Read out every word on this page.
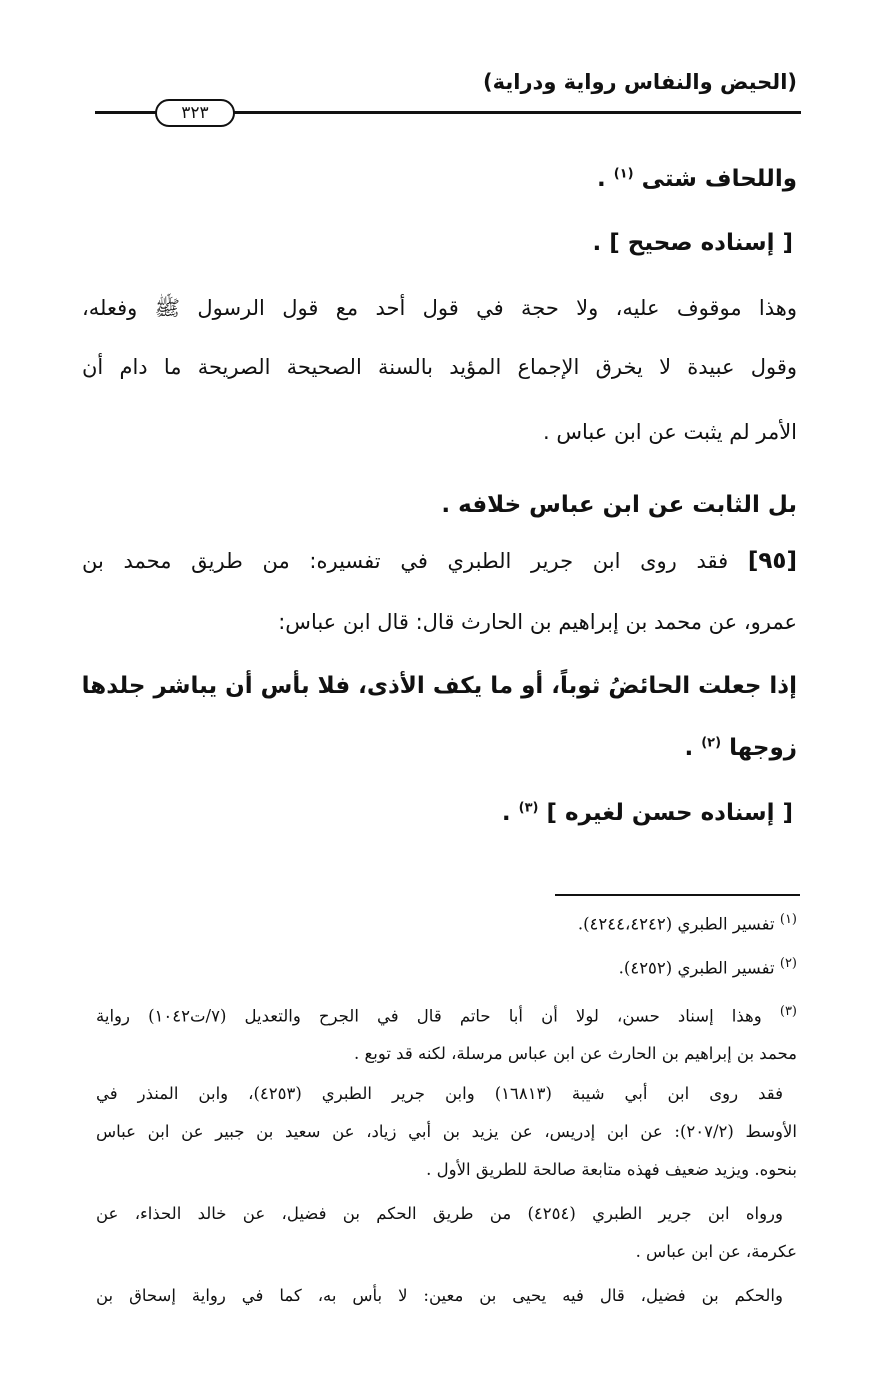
(الحيض والنفاس رواية ودراية)
٣٢٣
واللحاف شتى $^{(١)}$ .
[ إسناده صحيح ] .
وهذا موقوف عليه، ولا حجة في قول أحد مع قول الرسول ﷺ وفعله،
وقول عبيدة لا يخرق الإجماع المؤيد بالسنة الصحيحة الصريحة ما دام أن
الأمر لم يثبت عن ابن عباس .
بل الثابت عن ابن عباس خلافه .
[٩٥] فقد روى ابن جرير الطبري في تفسيره: من طريق محمد بن
عمرو، عن محمد بن إبراهيم بن الحارث قال: قال ابن عباس:
إذا جعلت الحائضُ ثوباً، أو ما يكف الأذى، فلا بأس أن يباشر جلدها
زوجها $^{(٢)}$ .
[ إسناده حسن لغيره ] $^{(٣)}$ .
$^{(١)}$ تفسير الطبري (٤٢٤٤،٤٢٤٢).
$^{(٢)}$ تفسير الطبري (٤٢٥٢).
$^{(٣)}$ وهذا إسناد حسن، لولا أن أبا حاتم قال في الجرح والتعديل (٧/ت١٠٤٢) رواية
محمد بن إبراهيم بن الحارث عن ابن عباس مرسلة، لكنه قد توبع .
فقد روى ابن أبي شيبة (١٦٨١٣) وابن جرير الطبري (٤٢٥٣)، وابن المنذر في
الأوسط (٢٠٧/٢): عن ابن إدريس، عن يزيد بن أبي زياد، عن سعيد بن جبير عن ابن عباس
بنحوه. ويزيد ضعيف فهذه متابعة صالحة للطريق الأول .
ورواه ابن جرير الطبري (٤٢٥٤) من طريق الحكم بن فضيل، عن خالد الحذاء، عن
عكرمة، عن ابن عباس .
والحكم بن فضيل، قال فيه يحيى بن معين: لا بأس به، كما في رواية إسحاق بن
